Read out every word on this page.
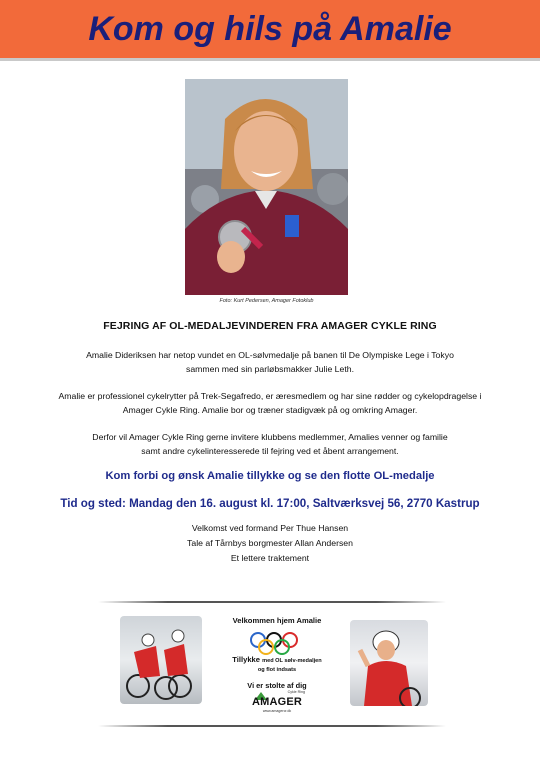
Kom og hils på Amalie
Foto: Kurt Pedersen, Amager Fotoklub
FEJRING AF OL-MEDALJEVINDEREN FRA AMAGER CYKLE RING
Amalie Dideriksen har netop vundet en OL-sølvmedalje på banen til De Olympiske Lege i Tokyo
sammen med sin parløbsmakker Julie Leth.
Amalie er professionel cykelrytter på Trek-Segafredo, er æresmedlem og har sine rødder og cykelopdragelse i
Amager Cykle Ring. Amalie bor og træner stadigvæk på og omkring Amager.
Derfor vil Amager Cykle Ring gerne invitere klubbens medlemmer, Amalies venner og familie
samt andre cykelinteresserede til fejring ved et åbent arrangement.
Kom forbi og ønsk Amalie tillykke og se den flotte OL-medalje
Tid og sted: Mandag den 16. august kl. 17:00, Saltværksvej 56, 2770 Kastrup
Velkomst ved formand Per Thue Hansen
Tale af Tårnbys borgmester Allan Andersen
Et lettere traktement
Velkommen hjem Amalie
Tillykke med OL sølv-medaljen
og flot indsats
Vi er stolte af dig
Cykle Ring
AMAGER
www.amagercr.dk
